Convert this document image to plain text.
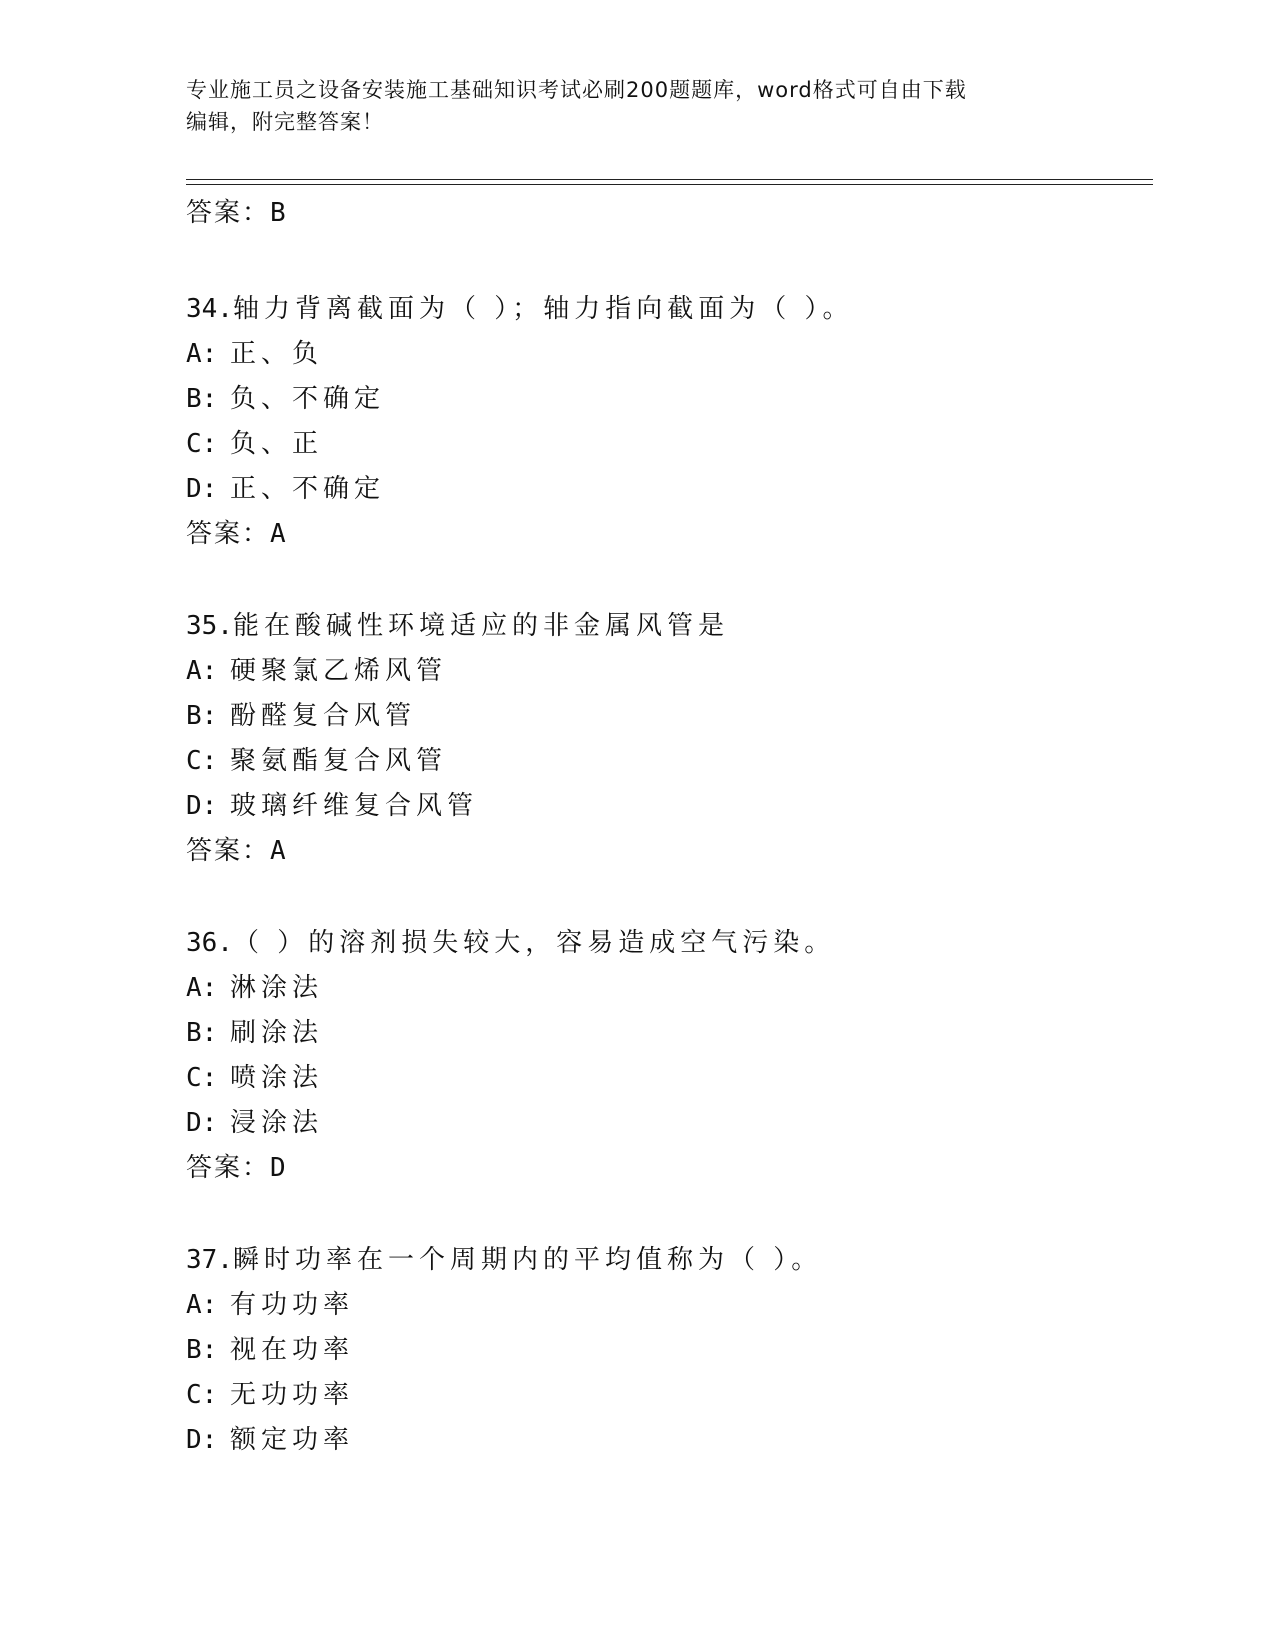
专业施工员之设备安装施工基础知识考试必刷200题题库，word格式可自由下载
编辑，附完整答案！
答案：B
34.轴力背离截面为（ ）；轴力指向截面为（ ）。
A: 正、负
B: 负、不确定
C: 负、正
D: 正、不确定
答案：A
35.能在酸碱性环境适应的非金属风管是
A: 硬聚氯乙烯风管
B: 酚醛复合风管
C: 聚氨酯复合风管
D: 玻璃纤维复合风管
答案：A
36.（ ）的溶剂损失较大，容易造成空气污染。
A: 淋涂法
B: 刷涂法
C: 喷涂法
D: 浸涂法
答案：D
37.瞬时功率在一个周期内的平均值称为（ ）。
A: 有功功率
B: 视在功率
C: 无功功率
D: 额定功率
